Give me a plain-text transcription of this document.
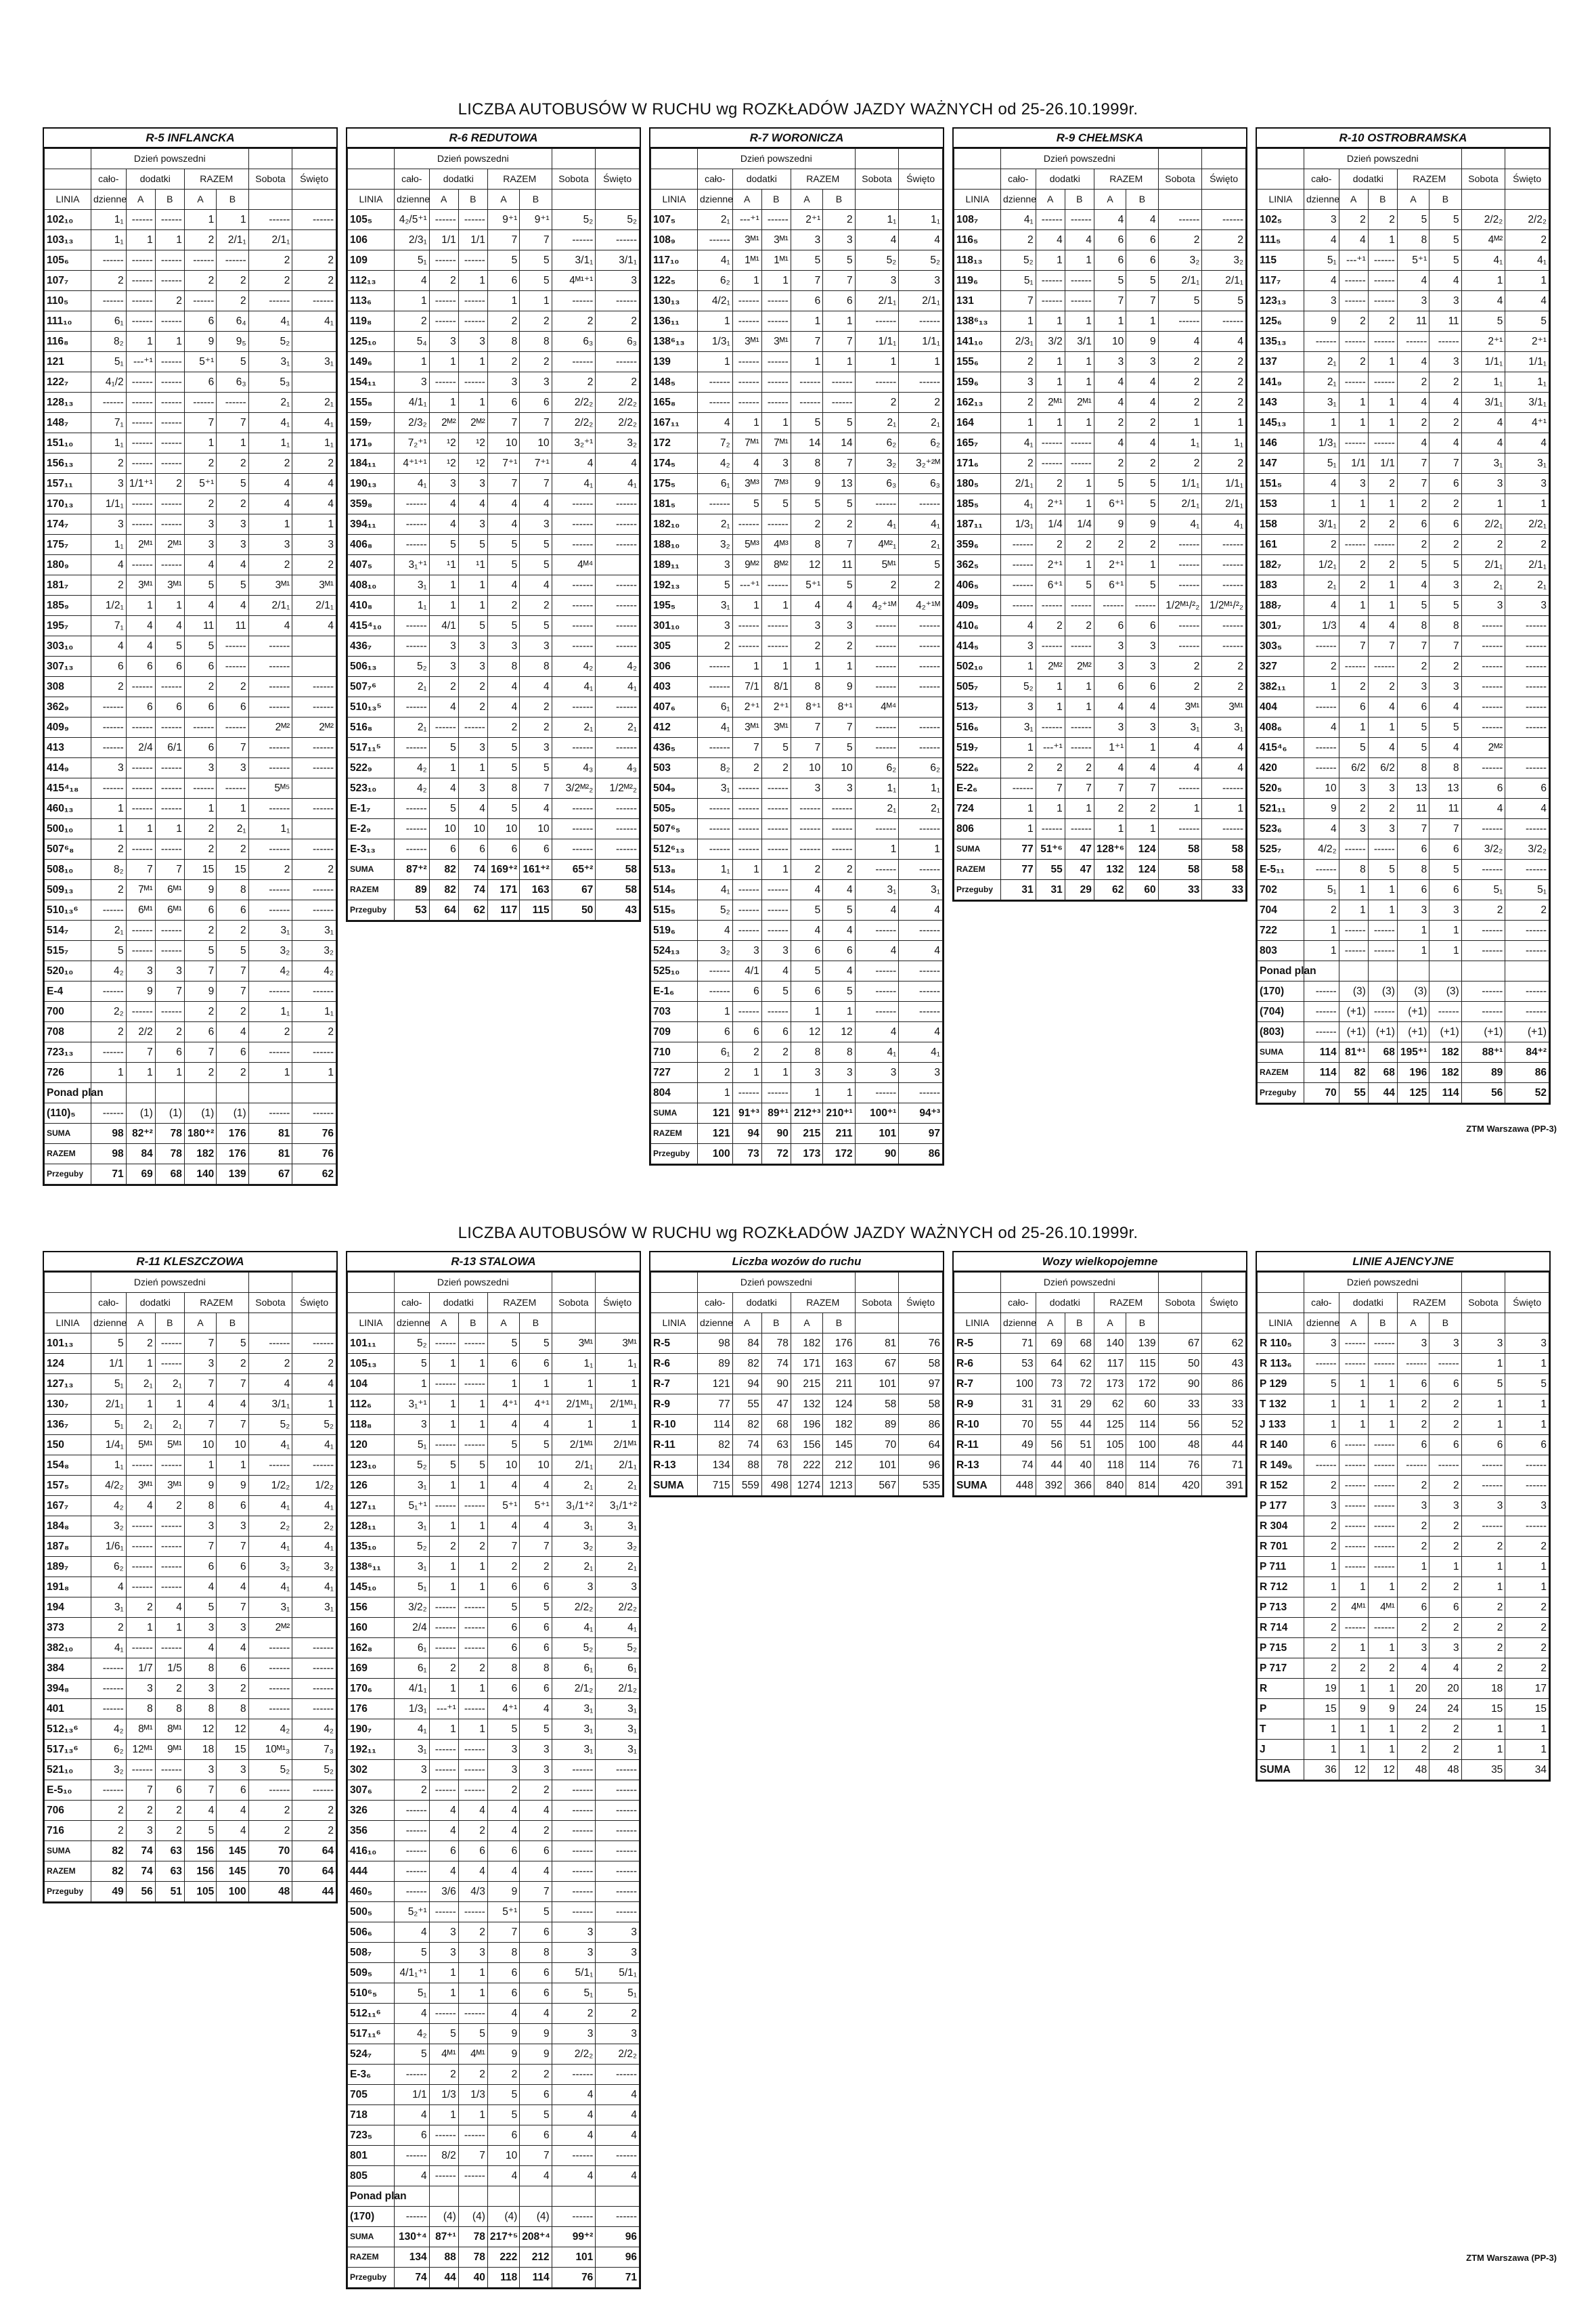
LICZBA AUTOBUSÓW W RUCHU wg ROZKŁADÓW JAZDY WAŻNYCH od 25-26.10.1999r.
R-5 INFLANCKA
	Dzień powszedni						
	cało-	dodatki		RAZEM		Sobota	Święto
LINIA	dzienne	A	B	A	B		
102₁₀	1₁	------	------	1	1	------	------
103₁₃	1₁	1	1	2	2/1₁	2/1₁	
105₆	------	------	------	------	------	2	2
107₇	2	------	------	2	2	2	2
110₅	------	------	2	------	2	------	------
111₁₀	6₁	------	------	6	6₄	4₁	4₁
116₈	8₂	1	1	9	9₅	5₂	
121	5₁	---⁺¹	------	5⁺¹	5	3₁	3₁
122₇	4₁/2	------	------	6	6₃	5₃	
128₁₃	------	------	------	------	------	2₁	2₁
148₇	7₁	------	------	7	7	4₁	4₁
151₁₀	1₁	------	------	1	1	1₁	1₁
156₁₃	2	------	------	2	2	2	2
157₁₁	3	1/1⁺¹	2	5⁺¹	5	4	4
170₁₃	1/1₁	------	------	2	2	4	4
174₇	3	------	------	3	3	1	1
175₇	1₁	2ᴹ¹	2ᴹ¹	3	3	3	3
180₉	4	------	------	4	4	2	2
181₇	2	3ᴹ¹	3ᴹ¹	5	5	3ᴹ¹	3ᴹ¹
185₉	1/2₁	1	1	4	4	2/1₁	2/1₁
195₇	7₁	4	4	11	11	4	4
303₁₀	4	4	5	5	------	------	
307₁₃	6	6	6	6	------	------	
308	2	------	------	2	2	------	------
362₉	------	6	6	6	6	------	------
409₉	------	------	------	------	------	2ᴹ²	2ᴹ²
413	------	2/4	6/1	6	7	------	------
414₉	3	------	------	3	3	------	------
415⁴₁₈	------	------	------	------	------	5ᴹ⁵	
460₁₃	1	------	------	1	1	------	------
500₁₀	1	1	1	2	2₁	1₁	
507⁶₈	2	------	------	2	2	------	------
508₁₀	8₂	7	7	15	15	2	2
509₁₃	2	7ᴹ¹	6ᴹ¹	9	8	------	------
510₁₃⁶	------	6ᴹ¹	6ᴹ¹	6	6	------	------
514₇	2₁	------	------	2	2	3₁	3₁
515₇	5	------	------	5	5	3₂	3₂
520₁₀	4₂	3	3	7	7	4₂	4₂
E-4	------	9	7	9	7	------	------
700	2₂	------	------	2	2	1₁	1₁
708	2	2/2	2	6	4	2	2
723₁₃	------	7	6	7	6	------	------
726	1	1	1	2	2	1	1
Ponad plan							
(110)₅	------	(1)	(1)	(1)	(1)	------	------
SUMA	98	82⁺²	78	180⁺²	176	81	76
RAZEM	98	84	78	182	176	81	76
Przeguby	71	69	68	140	139	67	62
R-6 REDUTOWA
	Dzień powszedni						
	cało-	dodatki		RAZEM		Sobota	Święto
LINIA	dzienne	A	B	A	B		
105₅	4₂/5⁺¹	------	------	9⁺¹	9⁺¹	5₂	5₂
106	2/3₁	1/1	1/1	7	7	------	------
109	5₁	------	------	5	5	3/1₁	3/1₁
112₁₃	4	2	1	6	5	4ᴹ¹⁺¹	3
113₆	1	------	------	1	1	------	------
119₈	2	------	------	2	2	2	2
125₁₀	5₄	3	3	8	8	6₃	6₃
149₆	1	1	1	2	2	------	------
154₁₁	3	------	------	3	3	2	2
155₈	4/1₁	1	1	6	6	2/2₂	2/2₂
159₇	2/3₂	2ᴹ²	2ᴹ²	7	7	2/2₂	2/2₂
171₉	7₂⁺¹	¹2	¹2	10	10	3₂⁺¹	3₂
184₁₁	4⁺¹⁺¹	¹2	¹2	7⁺¹	7⁺¹	4	4
190₁₃	4₁	3	3	7	7	4₁	4₁
359₈	------	4	4	4	4	------	------
394₁₁	------	4	3	4	3	------	------
406₈	------	5	5	5	5	------	------
407₅	3₁⁺¹	¹1	¹1	5	5	4ᴹ⁴	
408₁₀	3₁	1	1	4	4	------	------
410₈	1₁	1	1	2	2	------	------
415⁴₁₀	------	4/1	5	5	5	------	------
436₇	------	3	3	3	3	------	------
506₁₃	5₂	3	3	8	8	4₂	4₂
507₇⁶	2₁	2	2	4	4	4₁	4₁
510₁₃⁵	------	4	2	4	2	------	------
516₈	2₁	------	------	2	2	2₁	2₁
517₁₁⁵	------	5	3	5	3	------	------
522₉	4₂	1	1	5	5	4₃	4₃
523₁₀	4₂	4	3	8	7	3/2ᴹ²₂	1/2ᴹ²₂
E-1₇	------	5	4	5	4	------	------
E-2₉	------	10	10	10	10	------	------
E-3₁₃	------	6	6	6	6	------	------
SUMA	87⁺²	82	74	169⁺²	161⁺²	65⁺²	58
RAZEM	89	82	74	171	163	67	58
Przeguby	53	64	62	117	115	50	43
R-7 WORONICZA
	Dzień powszedni						
	cało-	dodatki		RAZEM		Sobota	Święto
LINIA	dzienne	A	B	A	B		
107₅	2₁	---⁺¹	------	2⁺¹	2	1₁	1₁
108₉	------	3ᴹ¹	3ᴹ¹	3	3	4	4
117₁₀	4₁	1ᴹ¹	1ᴹ¹	5	5	5₂	5₂
122₅	6₂	1	1	7	7	3	3
130₁₃	4/2₁	------	------	6	6	2/1₁	2/1₁
136₁₁	1	------	------	1	1	------	------
138⁶₁₃	1/3₁	3ᴹ¹	3ᴹ¹	7	7	1/1₁	1/1₁
139	1	------	------	1	1	1	1
148₅	------	------	------	------	------	------	------
165₈	------	------	------	------	------	2	2
167₁₁	4	1	1	5	5	2₁	2₁
172	7₂	7ᴹ¹	7ᴹ¹	14	14	6₂	6₂
174₅	4₂	4	3	8	7	3₂	3₂⁺²ᴹ
175₅	6₁	3ᴹ³	7ᴹ³	9	13	6₃	6₃
181₅	------	5	5	5	5	------	------
182₁₀	2₁	------	------	2	2	4₁	4₁
188₁₀	3₂	5ᴹ³	4ᴹ³	8	7	4ᴹ²₁	2₁
189₁₁	3	9ᴹ²	8ᴹ²	12	11	5ᴹ¹	5
192₁₃	5	---⁺¹	------	5⁺¹	5	2	2
195₅	3₁	1	1	4	4	4₂⁺¹ᴹ	4₂⁺¹ᴹ
301₁₀	3	------	------	3	3	------	------
305	2	------	------	2	2	------	------
306	------	1	1	1	1	------	------
403	------	7/1	8/1	8	9	------	------
407₆	6₁	2⁺¹	2⁺¹	8⁺¹	8⁺¹	4ᴹ⁴	
412	4₁	3ᴹ¹	3ᴹ¹	7	7	------	------
436₅	------	7	5	7	5	------	------
503	8₂	2	2	10	10	6₂	6₂
504₉	3₁	------	------	3	3	1₁	1₁
505₉	------	------	------	------	------	2₁	2₁
507⁶₅	------	------	------	------	------	------	------
512⁶₁₃	------	------	------	------	------	1	1
513₈	1₁	1	1	2	2	------	------
514₅	4₁	------	------	4	4	3₁	3₁
515₅	5₂	------	------	5	5	4	4
519₆	4	------	------	4	4	------	------
524₁₃	3₂	3	3	6	6	4	4
525₁₀	------	4/1	4	5	4	------	------
E-1₆	------	6	5	6	5	------	------
703	1	------	------	1	1	------	------
709	6	6	6	12	12	4	4
710	6₁	2	2	8	8	4₁	4₁
727	2	1	1	3	3	3	3
804	1	------	------	1	1	------	------
SUMA	121	91⁺³	89⁺¹	212⁺³	210⁺¹	100⁺¹	94⁺³
RAZEM	121	94	90	215	211	101	97
Przeguby	100	73	72	173	172	90	86
R-9 CHEŁMSKA
	Dzień powszedni						
	cało-	dodatki		RAZEM		Sobota	Święto
LINIA	dzienne	A	B	A	B		
108₇	4₁	------	------	4	4	------	------
116₅	2	4	4	6	6	2	2
118₁₃	5₂	1	1	6	6	3₂	3₂
119₆	5₁	------	------	5	5	2/1₁	2/1₁
131	7	------	------	7	7	5	5
138⁶₁₃	1	1	1	1	1	------	------
141₁₀	2/3₁	3/2	3/1	10	9	4	4
155₆	2	1	1	3	3	2	2
159₆	3	1	1	4	4	2	2
162₁₃	2	2ᴹ¹	2ᴹ¹	4	4	2	2
164	1	1	1	2	2	1	1
165₇	4₁	------	------	4	4	1₁	1₁
171₆	2	------	------	2	2	2	2
180₅	2/1₁	2	1	5	5	1/1₁	1/1₁
185₅	4₁	2⁺¹	1	6⁺¹	5	2/1₁	2/1₁
187₁₁	1/3₁	1/4	1/4	9	9	4₁	4₁
359₆	------	2	2	2	2	------	------
362₅	------	2⁺¹	1	2⁺¹	1	------	------
406₅	------	6⁺¹	5	6⁺¹	5	------	------
409₅	------	------	------	------	------	1/2ᴹ¹/²₂	1/2ᴹ¹/²₂
410₆	4	2	2	6	6	------	------
414₅	3	------	------	3	3	------	------
502₁₀	1	2ᴹ²	2ᴹ²	3	3	2	2
505₇	5₂	1	1	6	6	2	2
513₇	3	1	1	4	4	3ᴹ¹	3ᴹ¹
516₆	3₁	------	------	3	3	3₁	3₁
519₇	1	---⁺¹	------	1⁺¹	1	4	4
522₆	2	2	2	4	4	4	4
E-2₆	------	7	7	7	7	------	------
724	1	1	1	2	2	1	1
806	1	------	------	1	1	------	------
SUMA	77	51⁺⁶	47	128⁺⁶	124	58	58
RAZEM	77	55	47	132	124	58	58
Przeguby	31	31	29	62	60	33	33
R-10 OSTROBRAMSKA
	Dzień powszedni						
	cało-	dodatki		RAZEM		Sobota	Święto
LINIA	dzienne	A	B	A	B		
102₅	3	2	2	5	5	2/2₂	2/2₂
111₅	4	4	1	8	5	4ᴹ²	2
115	5₁	---⁺¹	------	5⁺¹	5	4₁	4₁
117₇	4	------	------	4	4	1	1
123₁₃	3	------	------	3	3	4	4
125₆	9	2	2	11	11	5	5
135₁₃	------	------	------	------	------	2⁺¹	2⁺¹
137	2₁	2	1	4	3	1/1₁	1/1₁
141₉	2₁	------	------	2	2	1₁	1₁
143	3₁	1	1	4	4	3/1₁	3/1₁
145₁₃	1	1	1	2	2	4	4⁺¹
146	1/3₁	------	------	4	4	4	4
147	5₁	1/1	1/1	7	7	3₁	3₁
151₅	4	3	2	7	6	3	3
153	1	1	1	2	2	1	1
158	3/1₁	2	2	6	6	2/2₁	2/2₁
161	2	------	------	2	2	2	2
182₇	1/2₁	2	2	5	5	2/1₁	2/1₁
183	2₁	2	1	4	3	2₁	2₁
188₇	4	1	1	5	5	3	3
301₇	1/3	4	4	8	8	------	------
303₅	------	7	7	7	7	------	------
327	2	------	------	2	2	------	------
382₁₁	1	2	2	3	3	------	------
404	------	6	4	6	4	------	------
408₆	4	1	1	5	5	------	------
415⁴₆	------	5	4	5	4	2ᴹ²	
420	------	6/2	6/2	8	8	------	------
520₅	10	3	3	13	13	6	6
521₁₁	9	2	2	11	11	4	4
523₆	4	3	3	7	7	------	------
525₇	4/2₂	------	------	6	6	3/2₂	3/2₂
E-5₁₁	------	8	5	8	5	------	------
702	5₁	1	1	6	6	5₁	5₁
704	2	1	1	3	3	2	2
722	1	------	------	1	1	------	------
803	1	------	------	1	1	------	------
Ponad plan							
(170)	------	(3)	(3)	(3)	(3)	------	------
(704)	------	(+1)	------	(+1)	------	------	------
(803)	------	(+1)	(+1)	(+1)	(+1)	(+1)	(+1)
SUMA	114	81⁺¹	68	195⁺¹	182	88⁺¹	84⁺²
RAZEM	114	82	68	196	182	89	86
Przeguby	70	55	44	125	114	56	52
ZTM Warszawa (PP-3)
LICZBA AUTOBUSÓW W RUCHU wg ROZKŁADÓW JAZDY WAŻNYCH od 25-26.10.1999r.
R-11 KLESZCZOWA
	Dzień powszedni						
	cało-	dodatki		RAZEM		Sobota	Święto
LINIA	dzienne	A	B	A	B		
101₁₃	5	2	------	7	5	------	------
124	1/1	1	------	3	2	2	2
127₁₃	5₁	2₁	2₁	7	7	4	4
130₇	2/1₁	1	1	4	4	3/1₁	1
136₇	5₁	2₁	2₁	7	7	5₂	5₂
150	1/4₁	5ᴹ¹	5ᴹ¹	10	10	4₁	4₁
154₈	1₁	------	------	1	1	------	------
157₅	4/2₂	3ᴹ¹	3ᴹ¹	9	9	1/2₂	1/2₂
167₇	4₂	4	2	8	6	4₁	4₁
184₈	3₂	------	------	3	3	2₂	2₂
187₈	1/6₁	------	------	7	7	4₁	4₁
189₇	6₂	------	------	6	6	3₂	3₂
191₈	4	------	------	4	4	4₁	4₁
194	3₁	2	4	5	7	3₁	3₁
373	2	1	1	3	3	2ᴹ²	
382₁₀	4₁	------	------	4	4	------	------
384	------	1/7	1/5	8	6	------	------
394₈	------	3	2	3	2	------	------
401	------	8	8	8	8	------	------
512₁₃⁶	4₂	8ᴹ¹	8ᴹ¹	12	12	4₂	4₂
517₁₃⁶	6₂	12ᴹ¹	9ᴹ¹	18	15	10ᴹ¹₃	7₃
521₁₀	3₂	------	------	3	3	5₂	5₂
E-5₁₀	------	7	6	7	6	------	------
706	2	2	2	4	4	2	2
716	2	3	2	5	4	2	2
SUMA	82	74	63	156	145	70	64
RAZEM	82	74	63	156	145	70	64
Przeguby	49	56	51	105	100	48	44
R-13 STALOWA
	Dzień powszedni						
	cało-	dodatki		RAZEM		Sobota	Święto
LINIA	dzienne	A	B	A	B		
101₁₁	5₂	------	------	5	5	3ᴹ¹	3ᴹ¹
105₁₃	5	1	1	6	6	1₁	1₁
104	1	------	------	1	1	1	1
112₆	3₁⁺¹	1	1	4⁺¹	4⁺¹	2/1ᴹ¹₁	2/1ᴹ¹₁
118₈	3	1	1	4	4	1	1
120	5₁	------	------	5	5	2/1ᴹ¹	2/1ᴹ¹
123₁₀	5₂	5	5	10	10	2/1₁	2/1₁
126	3₁	1	1	4	4	2₁	2₁
127₁₁	5₁⁺¹	------	------	5⁺¹	5⁺¹	3₁/1⁺²	3₁/1⁺²
128₁₁	3₁	1	1	4	4	3₁	3₁
135₁₀	5₂	2	2	7	7	3₂	3₂
138⁶₁₁	3₁	1	1	2	2	2₁	2₁
145₁₀	5₁	1	1	6	6	3	3
156	3/2₂	------	------	5	5	2/2₂	2/2₂
160	2/4	------	------	6	6	4₁	4₁
162₈	6₁	------	------	6	6	5₂	5₂
169	6₁	2	2	8	8	6₁	6₁
170₆	4/1₁	1	1	6	6	2/1₂	2/1₂
176	1/3₁	---⁺¹	------	4⁺¹	4	3₁	3₁
190₇	4₁	1	1	5	5	3₁	3₁
192₁₁	3₁	------	------	3	3	3₁	3₁
302	3	------	------	3	3	------	------
307₆	2	------	------	2	2	------	------
326	------	4	4	4	4	------	------
356	------	4	2	4	2	------	------
416₁₀	------	6	6	6	6	------	------
444	------	4	4	4	4	------	------
460₅	------	3/6	4/3	9	7	------	------
500₅	5₂⁺¹	------	------	5⁺¹	5	------	------
506₆	4	3	2	7	6	3	3
508₇	5	3	3	8	8	3	3
509₅	4/1₁⁺¹	1	1	6	6	5/1₁	5/1₁
510⁶₅	5₁	1	1	6	6	5₁	5₁
512₁₁⁶	4	------	------	4	4	2	2
517₁₁⁶	4₂	5	5	9	9	3	3
524₇	5	4ᴹ¹	4ᴹ¹	9	9	2/2₂	2/2₂
E-3₆	------	2	2	2	2	------	------
705	1/1	1/3	1/3	5	6	4	4
718	4	1	1	5	5	4	4
723₅	6	------	------	6	6	4	4
801	------	8/2	7	10	7	------	------
805	4	------	------	4	4	4	4
Ponad plan							
(170)	------	(4)	(4)	(4)	(4)	------	------
SUMA	130⁺⁴	87⁺¹	78	217⁺⁵	208⁺⁴	99⁺²	96
RAZEM	134	88	78	222	212	101	96
Przeguby	74	44	40	118	114	76	71
Liczba wozów do ruchu
	Dzień powszedni						
	cało-	dodatki		RAZEM		Sobota	Święto
LINIA	dzienne	A	B	A	B		
R-5	98	84	78	182	176	81	76
R-6	89	82	74	171	163	67	58
R-7	121	94	90	215	211	101	97
R-9	77	55	47	132	124	58	58
R-10	114	82	68	196	182	89	86
R-11	82	74	63	156	145	70	64
R-13	134	88	78	222	212	101	96
SUMA	715	559	498	1274	1213	567	535
Wozy wielkopojemne
	Dzień powszedni						
	cało-	dodatki		RAZEM		Sobota	Święto
LINIA	dzienne	A	B	A	B		
R-5	71	69	68	140	139	67	62
R-6	53	64	62	117	115	50	43
R-7	100	73	72	173	172	90	86
R-9	31	31	29	62	60	33	33
R-10	70	55	44	125	114	56	52
R-11	49	56	51	105	100	48	44
R-13	74	44	40	118	114	76	71
SUMA	448	392	366	840	814	420	391
LINIE AJENCYJNE
	Dzień powszedni						
	cało-	dodatki		RAZEM		Sobota	Święto
LINIA	dzienne	A	B	A	B		
R 110₅	3	------	------	3	3	3	3
R 113₆	------	------	------	------	------	1	1
P 129	5	1	1	6	6	5	5
T 132	1	1	1	2	2	1	1
J 133	1	1	1	2	2	1	1
R 140	6	------	------	6	6	6	6
R 149₆	------	------	------	------	------	------	------
R 152	2	------	------	2	2	------	------
P 177	3	------	------	3	3	3	3
R 304	2	------	------	2	2	------	------
R 701	2	------	------	2	2	2	2
P 711	1	------	------	1	1	1	1
R 712	1	1	1	2	2	1	1
P 713	2	4ᴹ¹	4ᴹ¹	6	6	2	2
R 714	2	------	------	2	2	2	2
P 715	2	1	1	3	3	2	2
P 717	2	2	2	4	4	2	2
R	19	1	1	20	20	18	17
P	15	9	9	24	24	15	15
T	1	1	1	2	2	1	1
J	1	1	1	2	2	1	1
SUMA	36	12	12	48	48	35	34
ZTM Warszawa (PP-3)
